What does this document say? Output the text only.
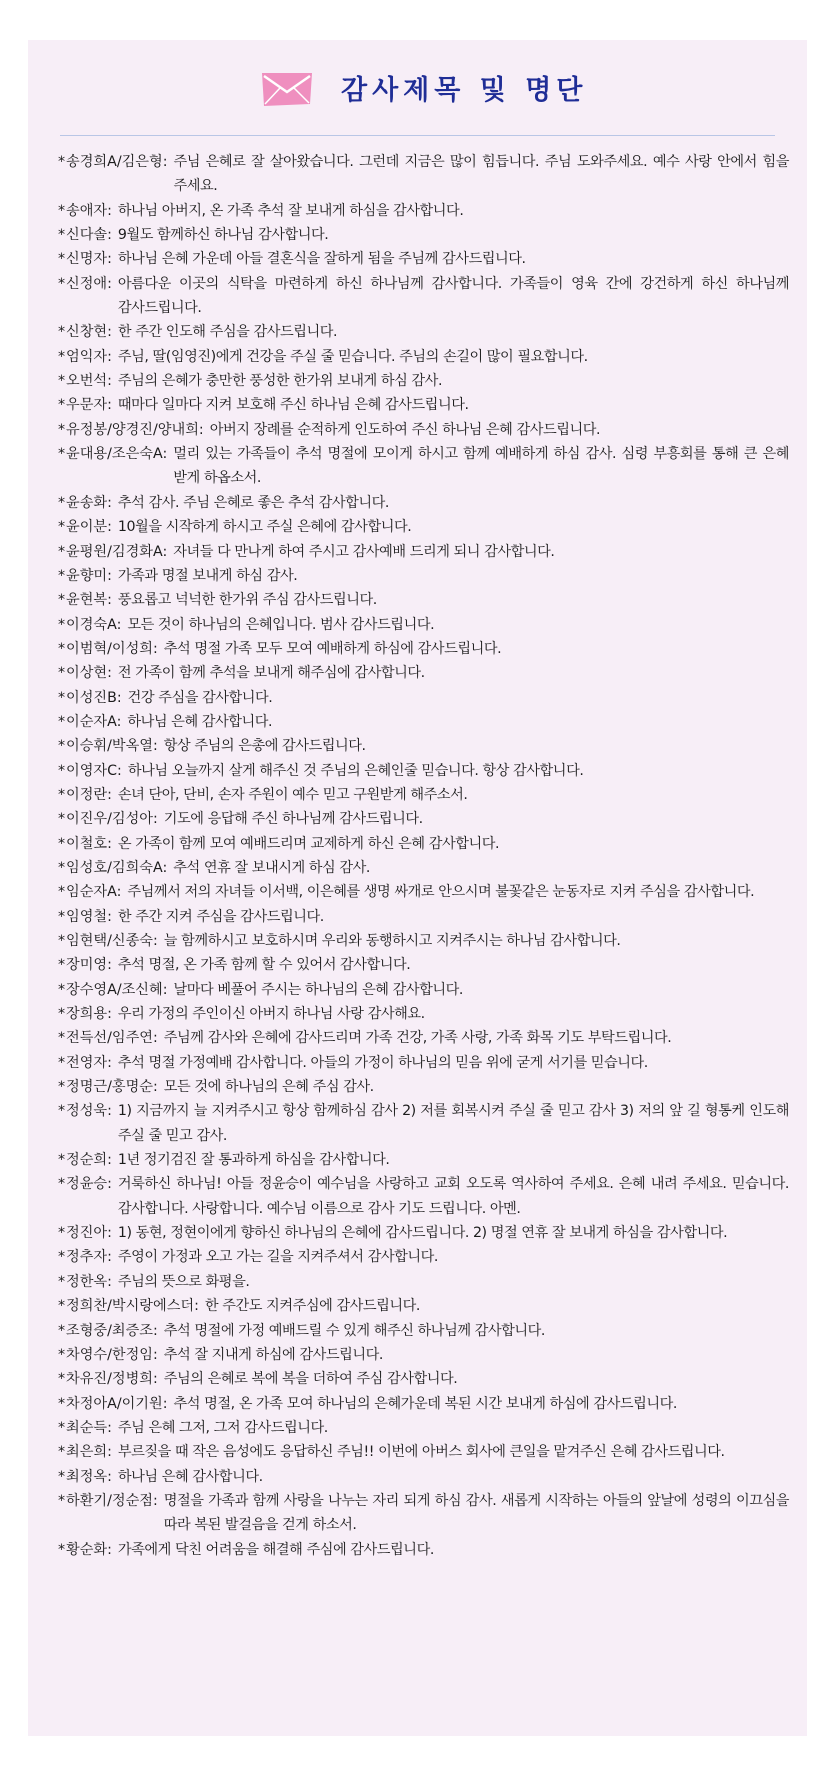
감사제목 및 명단
* 송경희A/김은형: 주님 은혜로 잘 살아왔습니다. 그런데 지금은 많이 힘듭니다. 주님 도와주세요. 예수 사랑 안에서 힘을 주세요.
* 송애자: 하나님 아버지, 온 가족 추석 잘 보내게 하심을 감사합니다.
* 신다솔: 9월도 함께하신 하나님 감사합니다.
* 신명자: 하나님 은혜 가운데 아들 결혼식을 잘하게 됨을 주님께 감사드립니다.
* 신정애: 아름다운 이곳의 식탁을 마련하게 하신 하나님께 감사합니다. 가족들이 영육 간에 강건하게 하신 하나님께 감사드립니다.
* 신창현: 한 주간 인도해 주심을 감사드립니다.
* 엄익자: 주님, 딸(임영진)에게 건강을 주실 줄 믿습니다. 주님의 손길이 많이 필요합니다.
* 오번석: 주님의 은혜가 충만한 풍성한 한가위 보내게 하심 감사.
* 우문자: 때마다 일마다 지켜 보호해 주신 하나님 은혜 감사드립니다.
* 유정봉/양경진/양내희: 아버지 장례를 순적하게 인도하여 주신 하나님 은혜 감사드립니다.
* 윤대용/조은숙A: 멀리 있는 가족들이 추석 명절에 모이게 하시고 함께 예배하게 하심 감사. 심령 부흥회를 통해 큰 은혜 받게 하옵소서.
* 윤송화: 추석 감사. 주님 은혜로 좋은 추석 감사합니다.
* 윤이분: 10월을 시작하게 하시고 주실 은혜에 감사합니다.
* 윤평원/김경화A: 자녀들 다 만나게 하여 주시고 감사예배 드리게 되니 감사합니다.
* 윤향미: 가족과 명절 보내게 하심 감사.
* 윤현복: 풍요롭고 넉넉한 한가위 주심 감사드립니다.
* 이경숙A: 모든 것이 하나님의 은혜입니다. 범사 감사드립니다.
* 이범혁/이성희: 추석 명절 가족 모두 모여 예배하게 하심에 감사드립니다.
* 이상현: 전 가족이 함께 추석을 보내게 해주심에 감사합니다.
* 이성진B: 건강 주심을 감사합니다.
* 이순자A: 하나님 은혜 감사합니다.
* 이승휘/박옥열: 항상 주님의 은총에 감사드립니다.
* 이영자C: 하나님 오늘까지 살게 해주신 것 주님의 은혜인줄 믿습니다. 항상 감사합니다.
* 이정란: 손녀 단아, 단비, 손자 주원이 예수 믿고 구원받게 해주소서.
* 이진우/김성아: 기도에 응답해 주신 하나님께 감사드립니다.
* 이철호: 온 가족이 함께 모여 예배드리며 교제하게 하신 은혜 감사합니다.
* 임성호/김희숙A: 추석 연휴 잘 보내시게 하심 감사.
* 임순자A: 주님께서 저의 자녀들 이서백, 이은혜를 생명 싸개로 안으시며 불꽃같은 눈동자로 지켜 주심을 감사합니다.
* 임영철: 한 주간 지켜 주심을 감사드립니다.
* 임현택/신종숙: 늘 함께하시고 보호하시며 우리와 동행하시고 지켜주시는 하나님 감사합니다.
* 장미영: 추석 명절, 온 가족 함께 할 수 있어서 감사합니다.
* 장수영A/조신혜: 날마다 베풀어 주시는 하나님의 은혜 감사합니다.
* 장희용: 우리 가정의 주인이신 아버지 하나님 사랑 감사해요.
* 전득선/임주연: 주님께 감사와 은혜에 감사드리며 가족 건강, 가족 사랑, 가족 화목 기도 부탁드립니다.
* 전영자: 추석 명절 가정예배 감사합니다. 아들의 가정이 하나님의 믿음 위에 굳게 서기를 믿습니다.
* 정명근/홍명순: 모든 것에 하나님의 은혜 주심 감사.
* 정성욱: 1) 지금까지 늘 지켜주시고 항상 함께하심 감사 2) 저를 회복시켜 주실 줄 믿고 감사 3) 저의 앞 길 형통케 인도해 주실 줄 믿고 감사.
* 정순희: 1년 정기검진 잘 통과하게 하심을 감사합니다.
* 정윤승: 거룩하신 하나님! 아들 정윤승이 예수님을 사랑하고 교회 오도록 역사하여 주세요. 은혜 내려 주세요. 믿습니다. 감사합니다. 사랑합니다. 예수님 이름으로 감사 기도 드립니다. 아멘.
* 정진아: 1) 동현, 정현이에게 향하신 하나님의 은혜에 감사드립니다. 2) 명절 연휴 잘 보내게 하심을 감사합니다.
* 정추자: 주영이 가정과 오고 가는 길을 지켜주셔서 감사합니다.
* 정한옥: 주님의 뜻으로 화평을.
* 정희찬/박시랑에스더: 한 주간도 지켜주심에 감사드립니다.
* 조형중/최증조: 추석 명절에 가정 예배드릴 수 있게 해주신 하나님께 감사합니다.
* 차영수/한정임: 추석 잘 지내게 하심에 감사드립니다.
* 차유진/정병희: 주님의 은혜로 복에 복을 더하여 주심 감사합니다.
* 차정아A/이기원: 추석 명절, 온 가족 모여 하나님의 은혜가운데 복된 시간 보내게 하심에 감사드립니다.
* 최순득: 주님 은혜 그저, 그저 감사드립니다.
* 최은희: 부르짖을 때 작은 음성에도 응답하신 주님!! 이번에 아버스 회사에 큰일을 맡겨주신 은혜 감사드립니다.
* 최정옥: 하나님 은혜 감사합니다.
* 하환기/정순점: 명절을 가족과 함께 사랑을 나누는 자리 되게 하심 감사. 새롭게 시작하는 아들의 앞날에 성령의 이끄심을 따라 복된 발걸음을 걷게 하소서.
* 황순화: 가족에게 닥친 어려움을 해결해 주심에 감사드립니다.
